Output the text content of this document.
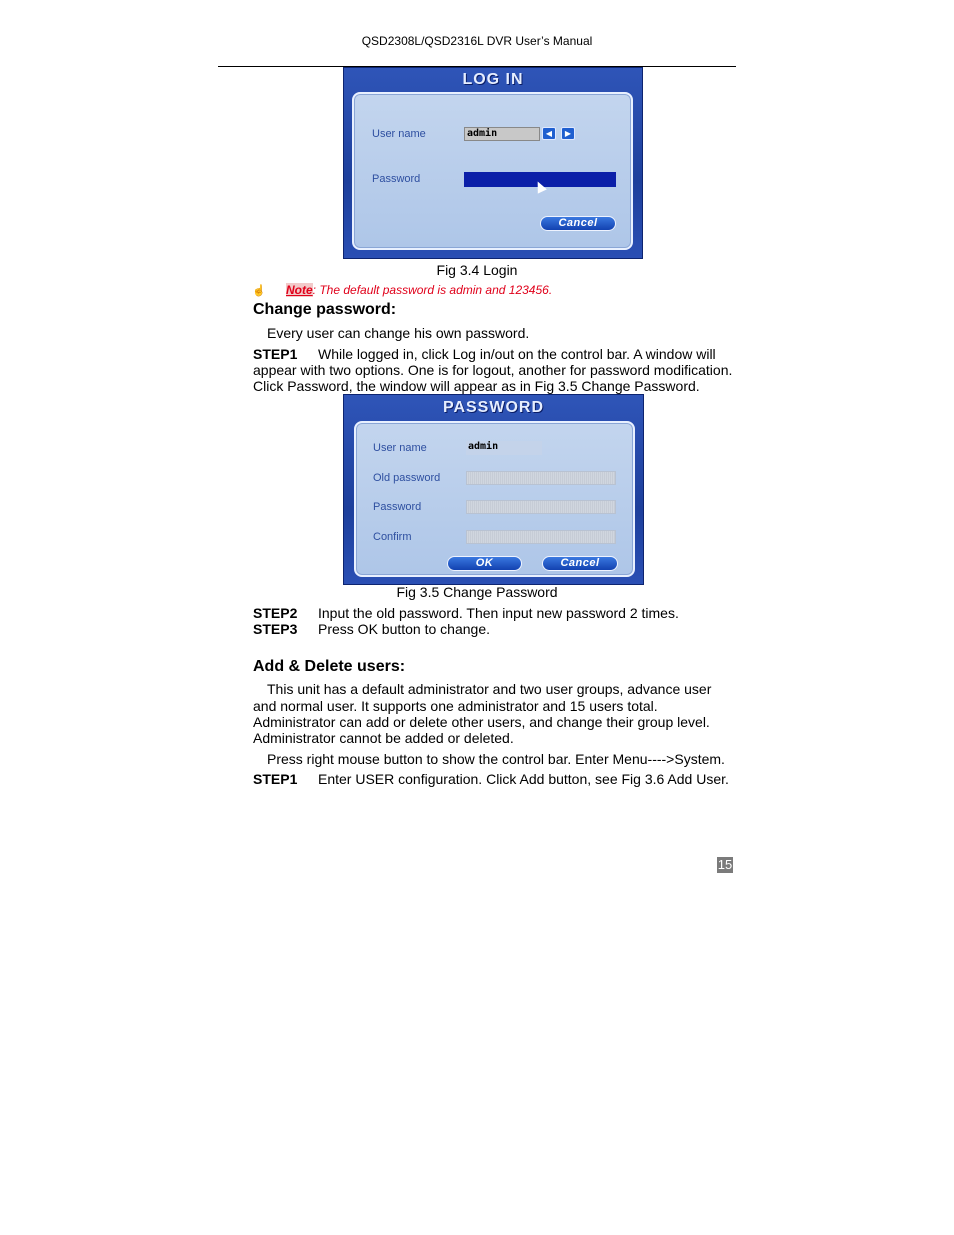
QSD2308L/QSD2316L DVR User’s Manual
LOG IN
User name	admin	◀	▶
Password
Cancel
Fig 3.4 Login
☝ Note: The default password is admin and 123456.
Change password:
Every user can change his own password.
STEP1 While logged in, click Log in/out on the control bar. A window will
appear with two options. One is for logout, another for password modification.
Click Password, the window will appear as in Fig 3.5 Change Password.
PASSWORD
User name	admin
Old password
Password
Confirm
OK	Cancel
Fig 3.5 Change Password
STEP2 Input the old password. Then input new password 2 times.
STEP3 Press OK button to change.
Add & Delete users:
This unit has a default administrator and two user groups, advance user
and normal user. It supports one administrator and 15 users total.
Administrator can add or delete other users, and change their group level.
Administrator cannot be added or deleted.
Press right mouse button to show the control bar. Enter Menu---->System.
STEP1 Enter USER configuration. Click Add button, see Fig 3.6 Add User.
15
